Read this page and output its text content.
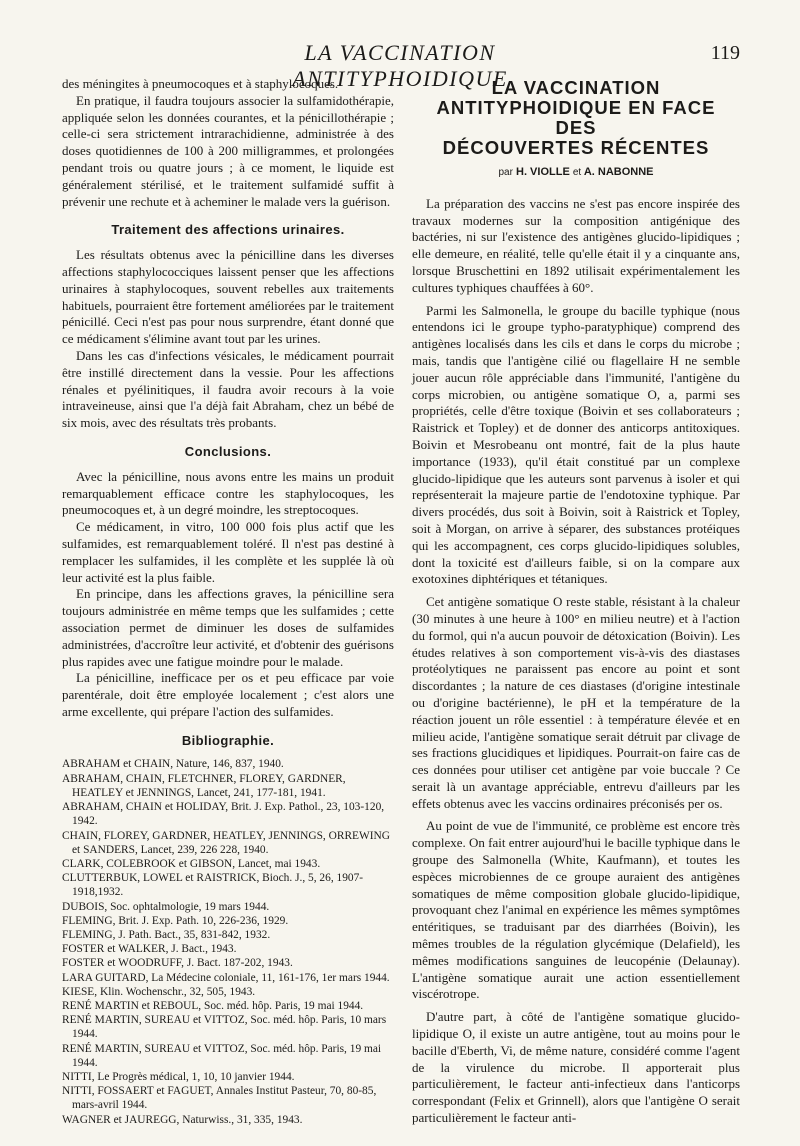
LA VACCINATION ANTITYPHOIDIQUE
119

des méningites à pneumocoques et à staphylocoques.

En pratique, il faudra toujours associer la sulfamidothérapie, appliquée selon les données courantes, et la pénicillothérapie ; celle-ci sera strictement intrarachidienne, administrée à des doses quotidiennes de 100 à 200 milligrammes, et prolongées pendant trois ou quatre jours ; à ce moment, le liquide est généralement stérilisé, et le traitement sulfamidé suffit à prévenir une rechute et à acheminer le malade vers la guérison.

Traitement des affections urinaires.

Les résultats obtenus avec la pénicilline dans les diverses affections staphylococciques laissent penser que les affections urinaires à staphylocoques, souvent rebelles aux traitements habituels, pourraient être fortement améliorées par le traitement pénicillé. Ceci n'est pas pour nous surprendre, étant donné que ce médicament s'élimine avant tout par les urines.

Dans les cas d'infections vésicales, le médicament pourrait être instillé directement dans la vessie. Pour les affections rénales et pyélinitiques, il faudra avoir recours à la voie intraveineuse, ainsi que l'a déjà fait Abraham, chez un bébé de six mois, avec des résultats très probants.

Conclusions.

Avec la pénicilline, nous avons entre les mains un produit remarquablement efficace contre les staphylocoques, les pneumocoques et, à un degré moindre, les streptocoques.

Ce médicament, in vitro, 100 000 fois plus actif que les sulfamides, est remarquablement toléré. Il n'est pas destiné à remplacer les sulfamides, il les complète et les supplée là où leur activité est la plus faible.

En principe, dans les affections graves, la pénicilline sera toujours administrée en même temps que les sulfamides ; cette association permet de diminuer les doses de sulfamides administrées, d'accroître leur activité, et d'obtenir des guérisons plus rapides avec une fatigue moindre pour le malade.

La pénicilline, inefficace per os et peu efficace par voie parentérale, doit être employée localement ; c'est alors une arme excellente, qui prépare l'action des sulfamides.

Bibliographie.
ABRAHAM et CHAIN, Nature, 146, 837, 1940.
ABRAHAM, CHAIN, FLETCHNER, FLOREY, GARDNER, HEATLEY et JENNINGS, Lancet, 241, 177-181, 1941.
ABRAHAM, CHAIN et HOLIDAY, Brit. J. Exp. Pathol., 23, 103-120, 1942.
CHAIN, FLOREY, GARDNER, HEATLEY, JENNINGS, ORREWING et SANDERS, Lancet, 239, 226 228, 1940.
CLARK, COLEBROOK et GIBSON, Lancet, mai 1943.
CLUTTERBUK, LOWEL et RAISTRICK, Bioch. J., 5, 26, 1907-1918,1932.
DUBOIS, Soc. ophtalmologie, 19 mars 1944.
FLEMING, Brit. J. Exp. Path. 10, 226-236, 1929.
FLEMING, J. Path. Bact., 35, 831-842, 1932.
FOSTER et WALKER, J. Bact., 1943.
FOSTER et WOODRUFF, J. Bact. 187-202, 1943.
LARA GUITARD, La Médecine coloniale, 11, 161-176, 1er mars 1944.
KIESE, Klin. Wochenschr., 32, 505, 1943.
RENÉ MARTIN et REBOUL, Soc. méd. hôp. Paris, 19 mai 1944.
RENÉ MARTIN, SUREAU et VITTOZ, Soc. méd. hôp. Paris, 10 mars 1944.
RENÉ MARTIN, SUREAU et VITTOZ, Soc. méd. hôp. Paris, 19 mai 1944.
NITTI, Le Progrès médical, 1, 10, 10 janvier 1944.
NITTI, FOSSAERT et FAGUET, Annales Institut Pasteur, 70, 80-85, mars-avril 1944.
WAGNER et JAUREGG, Naturwiss., 31, 335, 1943.
LA VACCINATION
ANTITYPHOIDIQUE EN FACE
DES
DÉCOUVERTES RÉCENTES
par H. VIOLLE et A. NABONNE

La préparation des vaccins ne s'est pas encore inspirée des travaux modernes sur la composition antigénique des bactéries, ni sur l'existence des antigènes glucido-lipidiques ; elle demeure, en réalité, telle qu'elle était il y a cinquante ans, lorsque Bruschettini en 1892 utilisait expérimentalement les cultures typhiques chauffées à 60°.

Parmi les Salmonella, le groupe du bacille typhique (nous entendons ici le groupe typho-paratyphique) comprend des antigènes localisés dans les cils et dans le corps du microbe ; mais, tandis que l'antigène cilié ou flagellaire H ne semble jouer aucun rôle appréciable dans l'immunité, l'antigène du corps microbien, ou antigène somatique O, a, parmi ses propriétés, celle d'être toxique (Boivin et ses collaborateurs ; Raistrick et Topley) et de donner des anticorps antitoxiques. Boivin et Mesrobeanu ont montré, fait de la plus haute importance (1933), qu'il était constitué par un complexe glucido-lipidique que les auteurs sont parvenus à isoler et qui représenterait la majeure partie de l'endotoxine typhique. Par divers procédés, dus soit à Boivin, soit à Raistrick et Topley, soit à Morgan, on arrive à séparer, des substances protéiques qui les accompagnent, ces corps glucido-lipidiques solubles, dont la toxicité est d'ailleurs faible, si on la compare aux exotoxines diphtériques et tétaniques.

Cet antigène somatique O reste stable, résistant à la chaleur (30 minutes à une heure à 100° en milieu neutre) et à l'action du formol, qui n'a aucun pouvoir de détoxication (Boivin). Les études relatives à son comportement vis-à-vis des diastases protéolytiques ne paraissent pas encore au point et sont discordantes ; la nature de ces diastases (d'origine intestinale ou d'origine bactérienne), le pH et la température de la réaction jouent un rôle essentiel : à température élevée et en milieu acide, l'antigène somatique serait détruit par clivage de ses fractions glucidiques et lipidiques. Pourrait-on faire cas de ces données pour utiliser cet antigène par voie buccale ? Ce serait là un avantage appréciable, entrevu d'ailleurs par les effets obtenus avec les vaccins ordinaires préconisés per os.

Au point de vue de l'immunité, ce problème est encore très complexe. On fait entrer aujourd'hui le bacille typhique dans le groupe des Salmonella (White, Kaufmann), et toutes les espèces microbiennes de ce groupe auraient des antigènes somatiques de même composition globale glucido-lipidique, provoquant chez l'animal en expérience les mêmes symptômes entéritiques, se traduisant par des diarrhées (Boivin), les mêmes troubles de la régulation glycémique (Delafield), les mêmes modifications sanguines de leucopénie (Delaunay). L'antigène somatique aurait une action essentiellement viscérotrope.

D'autre part, à côté de l'antigène somatique glucido-lipidique O, il existe un autre antigène, tout au moins pour le bacille d'Eberth, Vi, de même nature, considéré comme l'agent de la virulence du microbe. Il apporterait plus particulièrement, le facteur anti-infectieux dans l'anticorps correspondant (Felix et Grinnell), alors que l'antigène O serait particulièrement le facteur anti-
